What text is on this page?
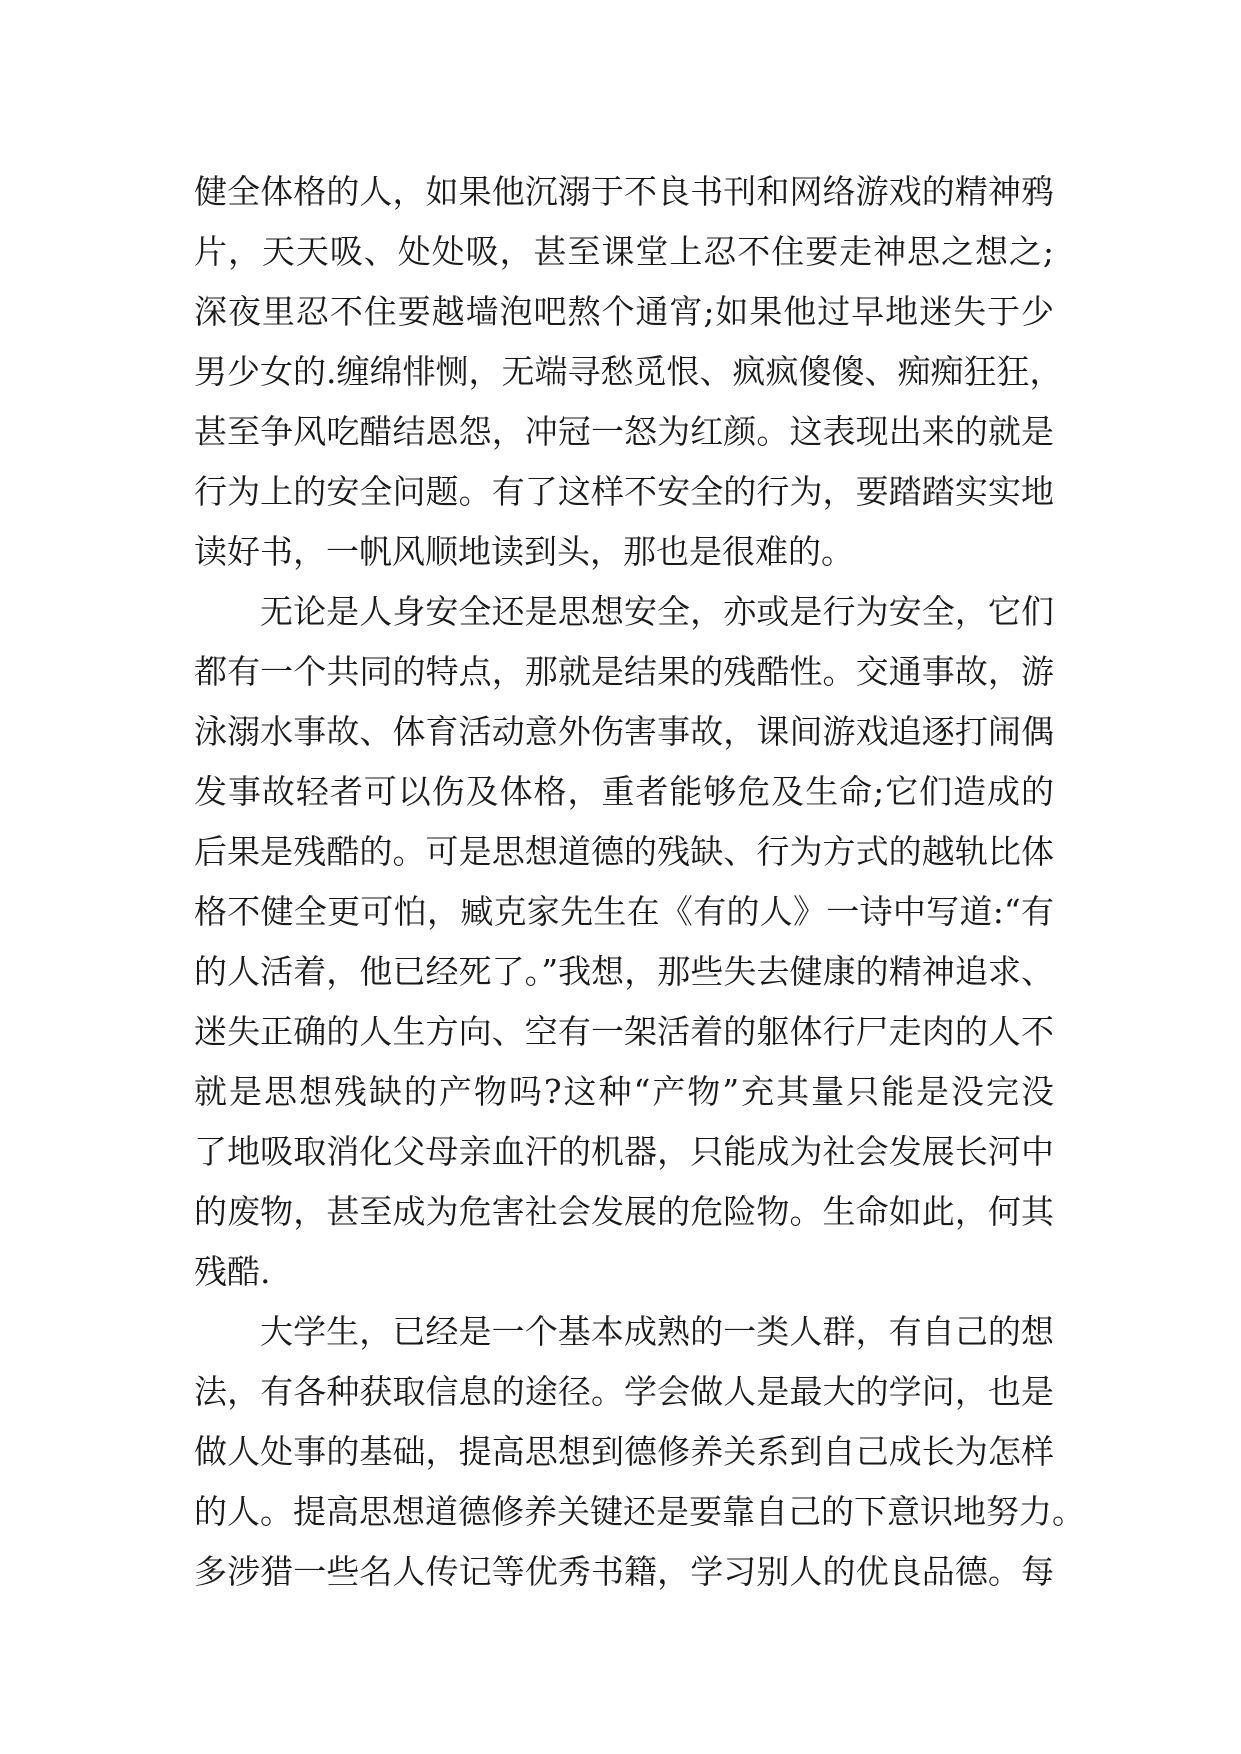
健全体格的人，如果他沉溺于不良书刊和网络游戏的精神鸦
片，天天吸、处处吸，甚至课堂上忍不住要走神思之想之;
深夜里忍不住要越墙泡吧熬个通宵;如果他过早地迷失于少
男少女的.缠绵悱恻，无端寻愁觅恨、疯疯傻傻、痴痴狂狂，
甚至争风吃醋结恩怨，冲冠一怒为红颜。这表现出来的就是
行为上的安全问题。有了这样不安全的行为，要踏踏实实地
读好书，一帆风顺地读到头，那也是很难的。
无论是人身安全还是思想安全，亦或是行为安全，它们
都有一个共同的特点，那就是结果的残酷性。交通事故，游
泳溺水事故、体育活动意外伤害事故，课间游戏追逐打闹偶
发事故轻者可以伤及体格，重者能够危及生命;它们造成的
后果是残酷的。可是思想道德的残缺、行为方式的越轨比体
格不健全更可怕，臧克家先生在《有的人》一诗中写道:“有
的人活着，他已经死了。”我想，那些失去健康的精神追求、
迷失正确的人生方向、空有一架活着的躯体行尸走肉的人不
就是思想残缺的产物吗?这种“产物”充其量只能是没完没
了地吸取消化父母亲血汗的机器，只能成为社会发展长河中
的废物，甚至成为危害社会发展的危险物。生命如此，何其
残酷.
大学生，已经是一个基本成熟的一类人群，有自己的想
法，有各种获取信息的途径。学会做人是最大的学问，也是
做人处事的基础，提高思想到德修养关系到自己成长为怎样
的人。提高思想道德修养关键还是要靠自己的下意识地努力。
多涉猎一些名人传记等优秀书籍，学习别人的优良品德。每
